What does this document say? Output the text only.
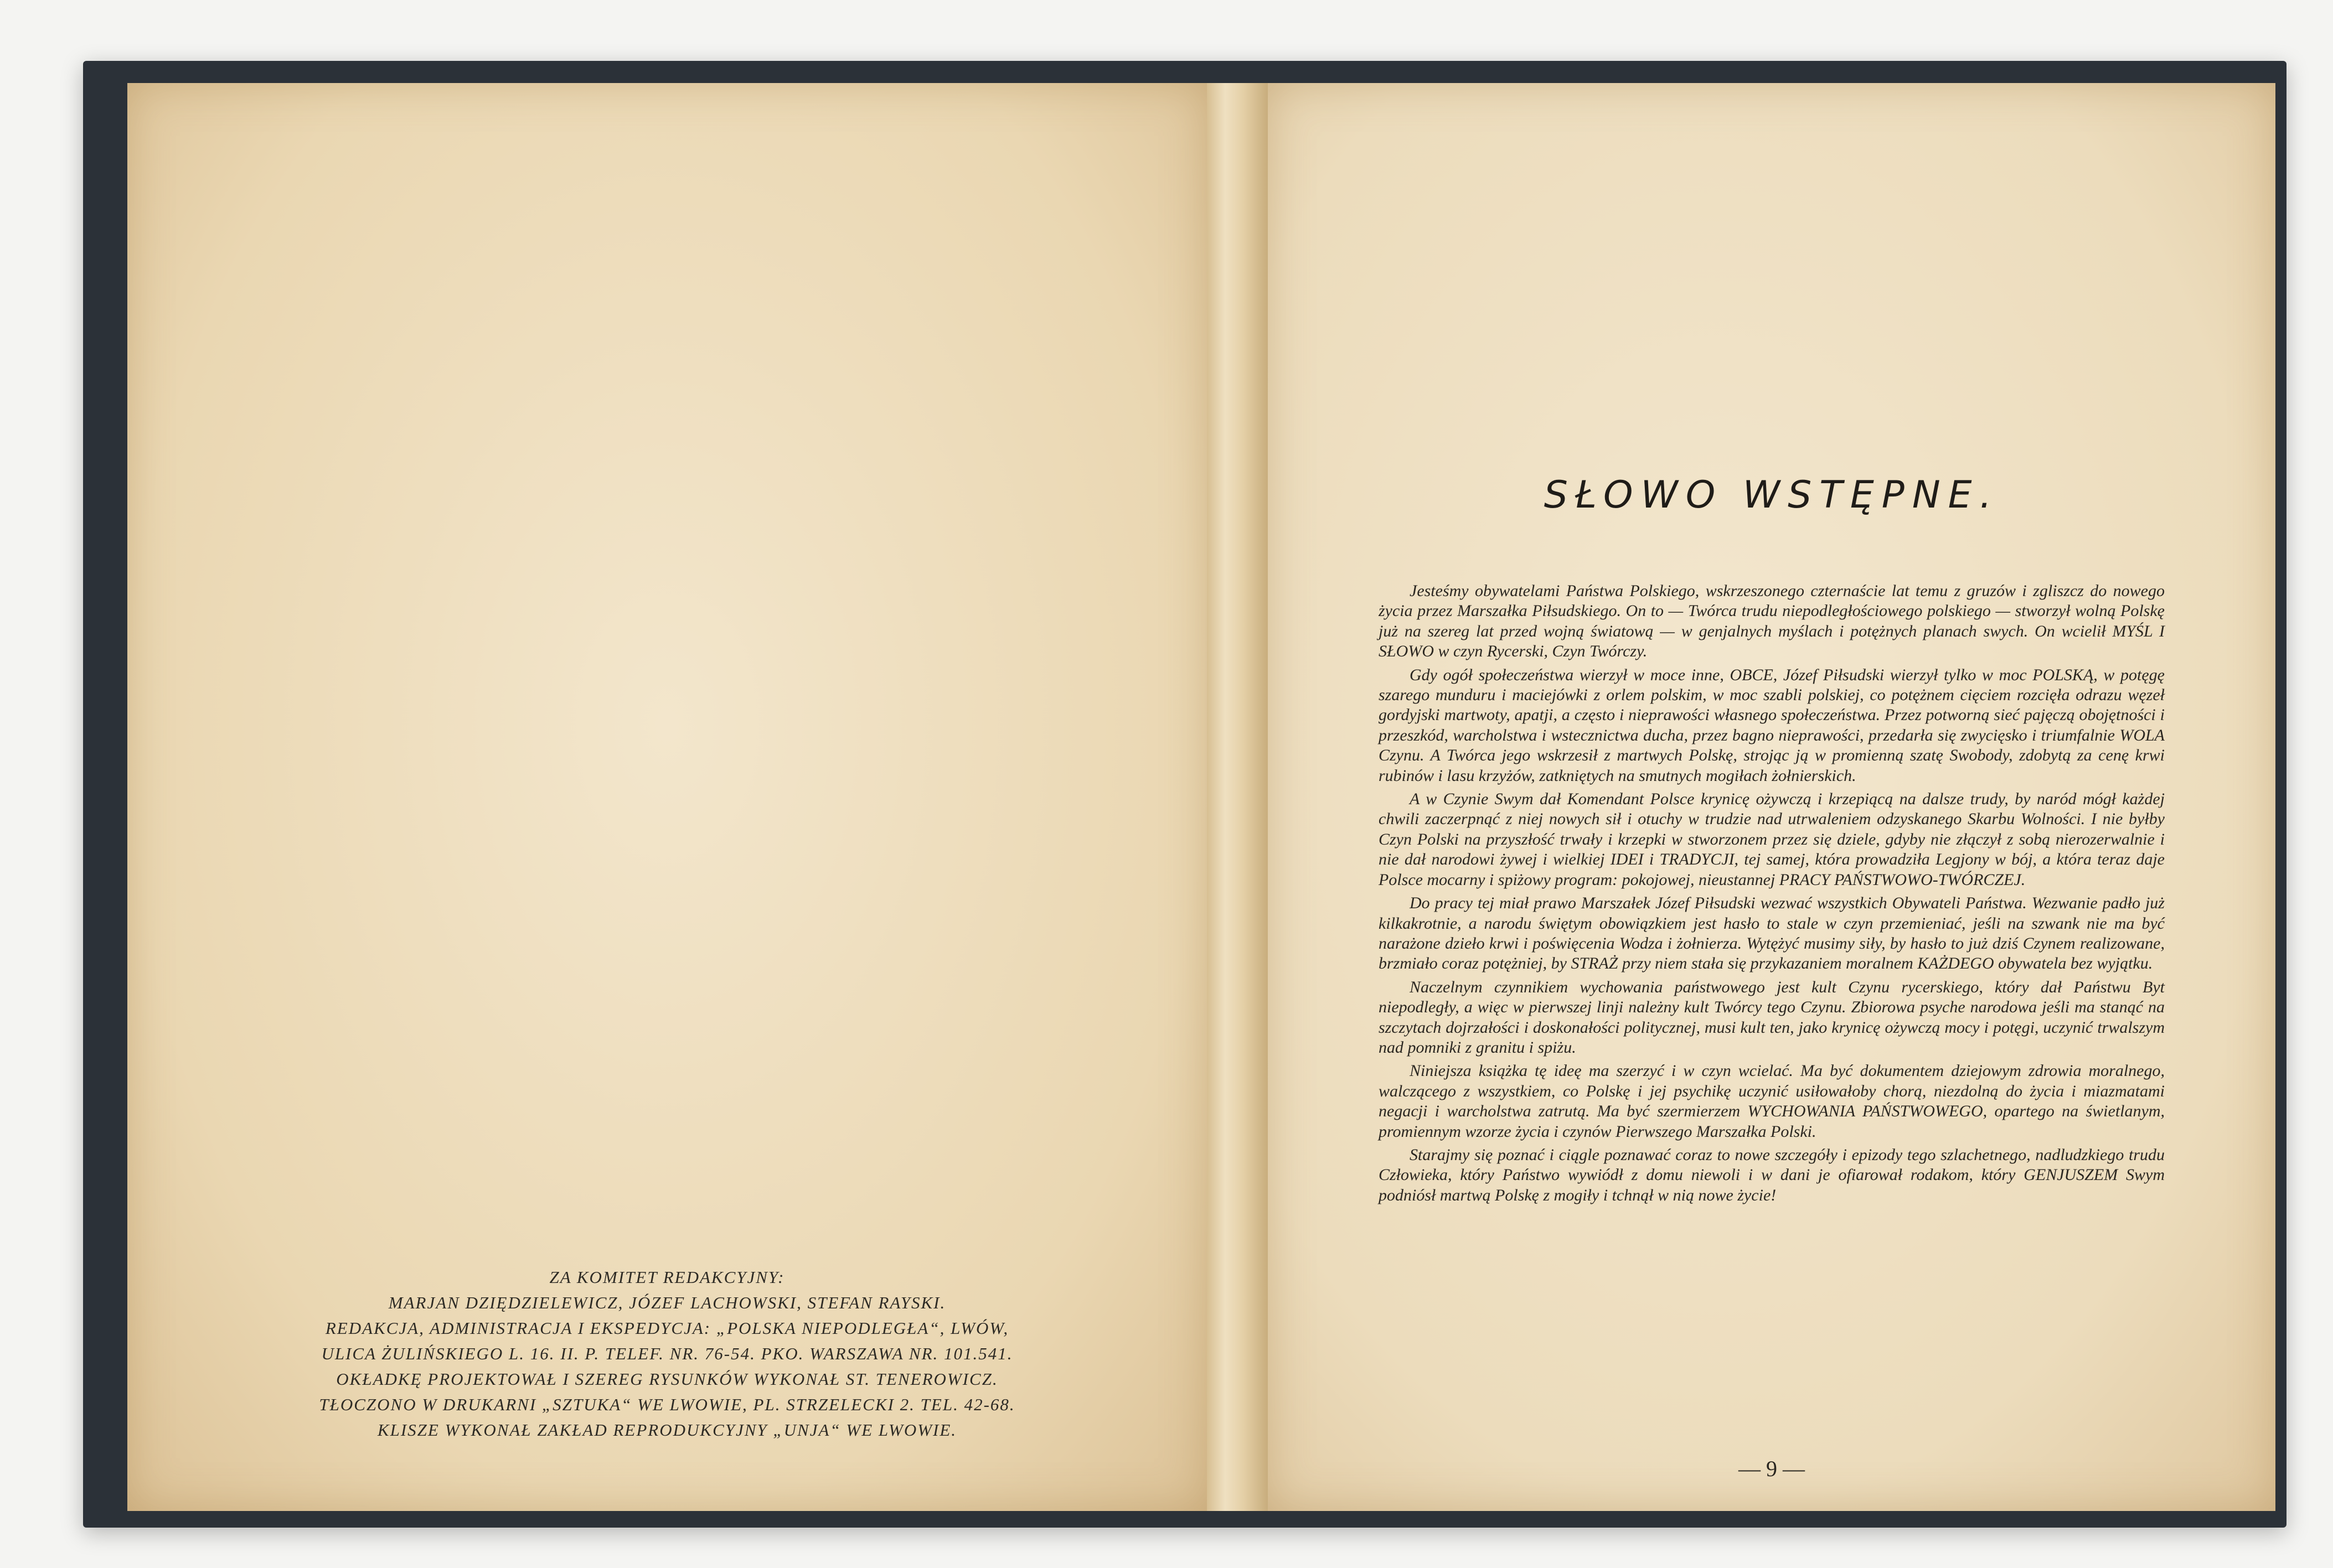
ZA KOMITET REDAKCYJNY:
MARJAN DZIĘDZIELEWICZ, JÓZEF LACHOWSKI, STEFAN RAYSKI.
REDAKCJA, ADMINISTRACJA I EKSPEDYCJA: „POLSKA NIEPODLEGŁA“, LWÓW,
ULICA ŻULIŃSKIEGO L. 16. II. P. TELEF. NR. 76-54. PKO. WARSZAWA NR. 101.541.
OKŁADKĘ PROJEKTOWAŁ I SZEREG RYSUNKÓW WYKONAŁ ST. TENEROWICZ.
TŁOCZONO W DRUKARNI „SZTUKA“ WE LWOWIE, PL. STRZELECKI 2. TEL. 42-68.
KLISZE WYKONAŁ ZAKŁAD REPRODUKCYJNY „UNJA“ WE LWOWIE.
SŁOWO WSTĘPNE.

Jesteśmy obywatelami Państwa Polskiego, wskrzeszonego czternaście lat temu z gruzów i zgliszcz do nowego życia przez Marszałka Piłsudskiego. On to — Twórca trudu niepodległościowego polskiego — stworzył wolną Polskę już na szereg lat przed wojną światową — w genjalnych myślach i potężnych planach swych. On wcielił MYŚL I SŁOWO w czyn Rycerski, Czyn Twórczy.

Gdy ogół społeczeństwa wierzył w moce inne, OBCE, Józef Piłsudski wierzył tylko w moc POLSKĄ, w potęgę szarego munduru i maciejówki z orlem polskim, w moc szabli polskiej, co potężnem cięciem rozcięła odrazu węzeł gordyjski martwoty, apatji, a często i nieprawości własnego społeczeństwa. Przez potworną sieć pajęczą obojętności i przeszkód, warcholstwa i wstecznictwa ducha, przez bagno nieprawości, przedarła się zwycięsko i triumfalnie WOLA Czynu. A Twórca jego wskrzesił z martwych Polskę, strojąc ją w promienną szatę Swobody, zdobytą za cenę krwi rubinów i lasu krzyżów, zatkniętych na smutnych mogiłach żołnierskich.

A w Czynie Swym dał Komendant Polsce krynicę ożywczą i krzepiącą na dalsze trudy, by naród mógł każdej chwili zaczerpnąć z niej nowych sił i otuchy w trudzie nad utrwaleniem odzyskanego Skarbu Wolności. I nie byłby Czyn Polski na przyszłość trwały i krzepki w stworzonem przez się dziele, gdyby nie złączył z sobą nierozerwalnie i nie dał narodowi żywej i wielkiej IDEI i TRADYCJI, tej samej, która prowadziła Legjony w bój, a która teraz daje Polsce mocarny i spiżowy program: pokojowej, nieustannej PRACY PAŃSTWOWO-TWÓRCZEJ.

Do pracy tej miał prawo Marszałek Józef Piłsudski wezwać wszystkich Obywateli Państwa. Wezwanie padło już kilkakrotnie, a narodu świętym obowiązkiem jest hasło to stale w czyn przemieniać, jeśli na szwank nie ma być narażone dzieło krwi i poświęcenia Wodza i żołnierza. Wytężyć musimy siły, by hasło to już dziś Czynem realizowane, brzmiało coraz potężniej, by STRAŻ przy niem stała się przykazaniem moralnem KAŻDEGO obywatela bez wyjątku.

Naczelnym czynnikiem wychowania państwowego jest kult Czynu rycerskiego, który dał Państwu Byt niepodległy, a więc w pierwszej linji należny kult Twórcy tego Czynu. Zbiorowa psyche narodowa jeśli ma stanąć na szczytach dojrzałości i doskonałości politycznej, musi kult ten, jako krynicę ożywczą mocy i potęgi, uczynić trwalszym nad pomniki z granitu i spiżu.

Niniejsza książka tę ideę ma szerzyć i w czyn wcielać. Ma być dokumentem dziejowym zdrowia moralnego, walczącego z wszystkiem, co Polskę i jej psychikę uczynić usiłowałoby chorą, niezdolną do życia i miazmatami negacji i warcholstwa zatrutą. Ma być szermierzem WYCHOWANIA PAŃSTWOWEGO, opartego na świetlanym, promiennym wzorze życia i czynów Pierwszego Marszałka Polski.

Starajmy się poznać i ciągle poznawać coraz to nowe szczegóły i epizody tego szlachetnego, nadludzkiego trudu Człowieka, który Państwo wywiódł z domu niewoli i w dani je ofiarował rodakom, który GENJUSZEM Swym podniósł martwą Polskę z mogiły i tchnął w nią nowe życie!

— 9 —
